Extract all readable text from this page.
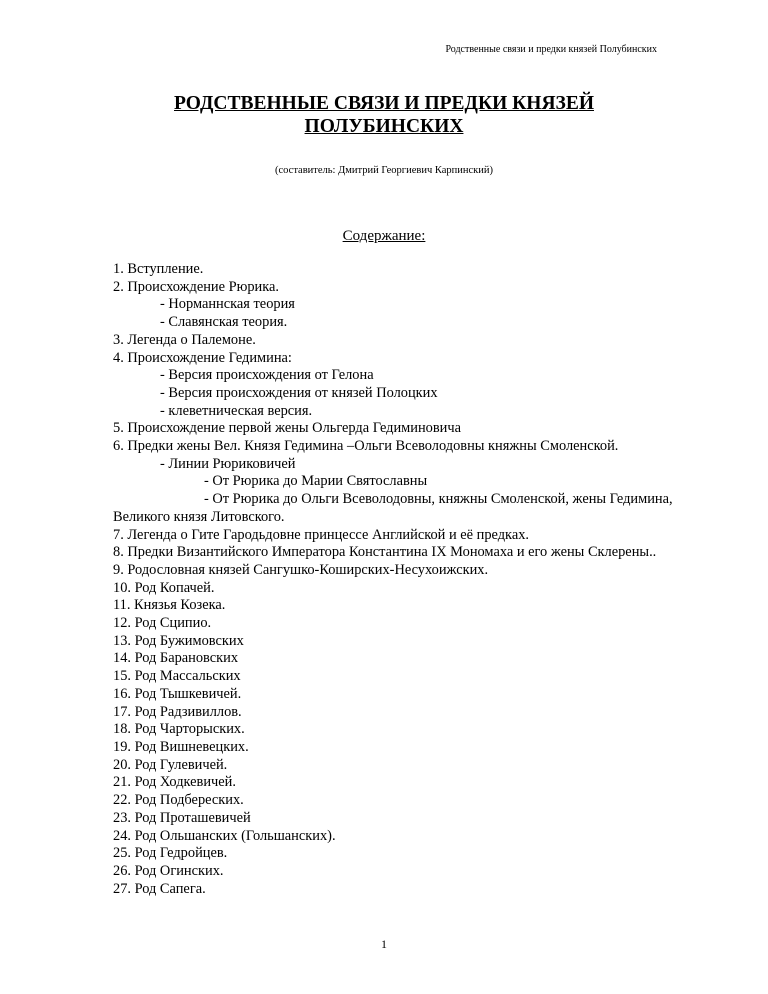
Родственные связи и предки князей Полубинских
РОДСТВЕННЫЕ СВЯЗИ И ПРЕДКИ КНЯЗЕЙ
ПОЛУБИНСКИХ
(составитель: Дмитрий Георгиевич Карпинский)
Содержание:
1. Вступление.
2. Происхождение Рюрика.
- Норманнская теория
- Славянская теория.
3. Легенда о Палемоне.
4. Происхождение Гедимина:
- Версия происхождения от Гелона
- Версия происхождения от князей Полоцких
- клеветническая версия.
5. Происхождение первой жены Ольгерда Гедиминовича
6. Предки жены Вел. Князя Гедимина –Ольги Всеволодовны княжны Смоленской.
- Линии Рюриковичей
- От Рюрика до Марии Святославны
- От Рюрика до Ольги Всеволодовны, княжны Смоленской, жены Гедимина, Великого князя Литовского.
7. Легенда о Гите Гародьдовне принцессе Английской и её предках.
8. Предки Византийского Императора Константина IX Мономаха и его жены Склерены..
9. Родословная князей Сангушко-Коширских-Несухоижских.
10. Род Копачей.
11. Князья Козека.
12. Род Сципио.
13. Род Бужимовских
14. Род Барановских
15. Род Массальских
16. Род Тышкевичей.
17. Род Радзивиллов.
18. Род Чарторыских.
19. Род Вишневецких.
20. Род Гулевичей.
21. Род Ходкевичей.
22. Род Подбереских.
23. Род Проташевичей
24. Род Ольшанских (Гольшанских).
25. Род Гедройцев.
26. Род Огинских.
27. Род Сапега.
1
